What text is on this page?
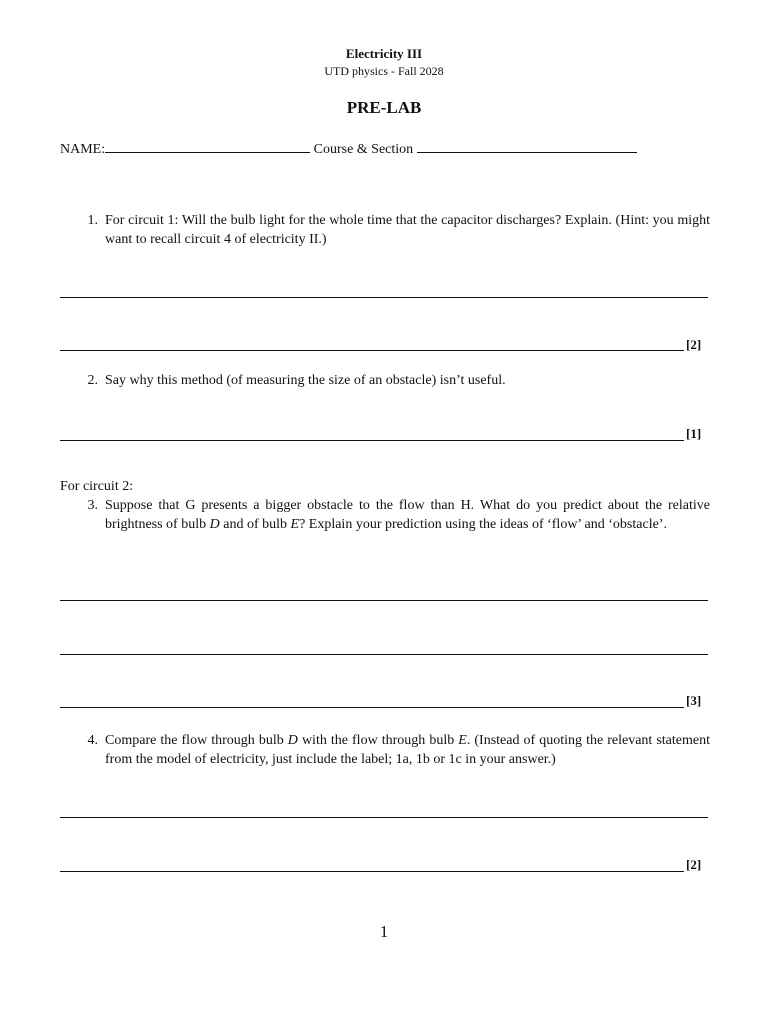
Electricity III
UTD physics - Fall 2028
PRE-LAB
NAME:	Course & Section
1. For circuit 1: Will the bulb light for the whole time that the capacitor discharges? Explain. (Hint: you might want to recall circuit 4 of electricity II.)
[2]
2. Say why this method (of measuring the size of an obstacle) isn’t useful.
[1]
For circuit 2:
3. Suppose that G presents a bigger obstacle to the flow than H. What do you predict about the relative brightness of bulb D and of bulb E? Explain your prediction using the ideas of ‘flow’ and ‘obstacle’.
[3]
4. Compare the flow through bulb D with the flow through bulb E. (Instead of quoting the relevant statement from the model of electricity, just include the label; 1a, 1b or 1c in your answer.)
[2]
1
